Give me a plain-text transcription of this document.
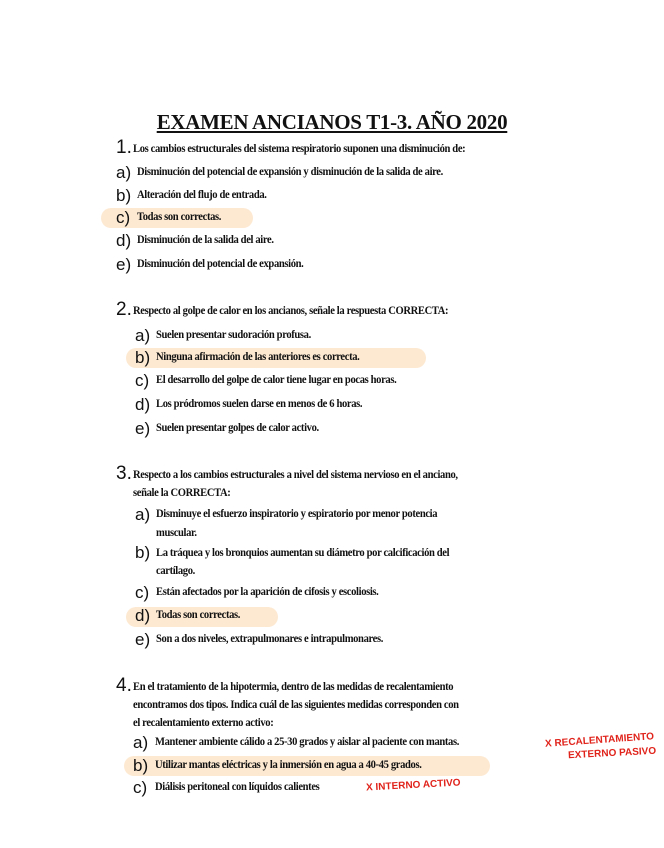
EXAMEN ANCIANOS T1-3. AÑO 2020
1. Los cambios estructurales del sistema respiratorio suponen una disminución de:
a) Disminución del potencial de expansión y disminución de la salida de aire.
b) Alteración del flujo de entrada.
c) Todas son correctas.
d) Disminución de la salida del aire.
e) Disminución del potencial de expansión.
2. Respecto al golpe de calor en los ancianos, señale la respuesta CORRECTA:
a) Suelen presentar sudoración profusa.
b) Ninguna afirmación de las anteriores es correcta.
c) El desarrollo del golpe de calor tiene lugar en pocas horas.
d) Los pródromos suelen darse en menos de 6 horas.
e) Suelen presentar golpes de calor activo.
3. Respecto a los cambios estructurales a nivel del sistema nervioso en el anciano,
señale la CORRECTA:
a) Disminuye el esfuerzo inspiratorio y espiratorio por menor potencia
muscular.
b) La tráquea y los bronquios aumentan su diámetro por calcificación del
cartílago.
c) Están afectados por la aparición de cifosis y escoliosis.
d) Todas son correctas.
e) Son a dos niveles, extrapulmonares e intrapulmonares.
4. En el tratamiento de la hipotermia, dentro de las medidas de recalentamiento
encontramos dos tipos. Indica cuál de las siguientes medidas corresponden con
el recalentamiento externo activo:
a) Mantener ambiente cálido a 25-30 grados y aislar al paciente con mantas.	X RECALENTAMIENTO
EXTERNO PASIVO
b) Utilizar mantas eléctricas y la inmersión en agua a 40-45 grados.
c) Diálisis peritoneal con líquidos calientes	X INTERNO ACTIVO
